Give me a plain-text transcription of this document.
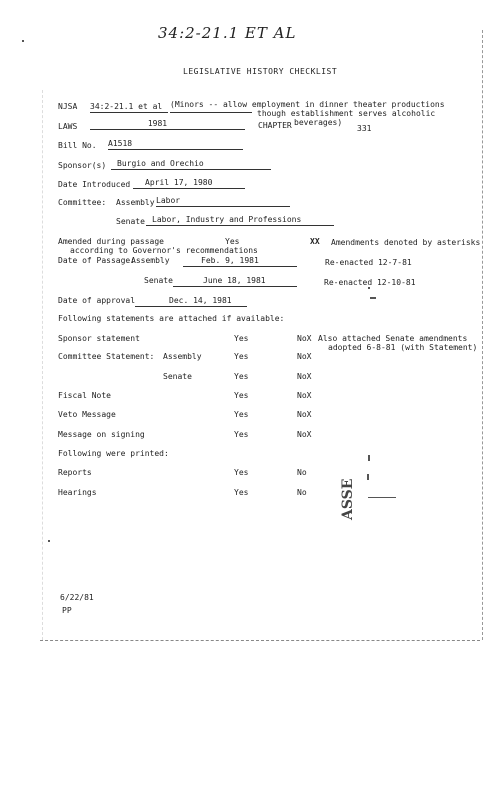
34:2-21.1 ET AL
LEGISLATIVE HISTORY CHECKLIST
NJSA 34:2-21.1 et al (Minors -- allow employment in dinner theater productions
though establishment serves alcoholic
LAWS	1981	CHAPTER beverages)
331
Bill No. A1518
Sponsor(s)	Burgio and Orechio
Date Introduced	April 17, 1980
Committee: Assembly Labor
Senate Labor, Industry and Professions
Amended during passage
according to Governor's recommendations
Yes	XX Amendments denoted by asterisks
Date of Passage:
Assembly	Feb. 9, 1981	Re-enacted 12-7-81
Senate	June 18, 1981	Re-enacted 12-10-81
Date of approval	Dec. 14, 1981
Following statements are attached if available:
Sponsor statement	Yes	NoX Also attached Senate amendments
adopted 6-8-81 (with Statement)
Committee Statement: Assembly	Yes	NoX
Senate	Yes	NoX
Fiscal Note	Yes	NoX
Veto Message	Yes	NoX
Message on signing	Yes	NoX
Following were printed:
Reports	Yes	No
Hearings	Yes	No ASSE
6/22/81
PP
